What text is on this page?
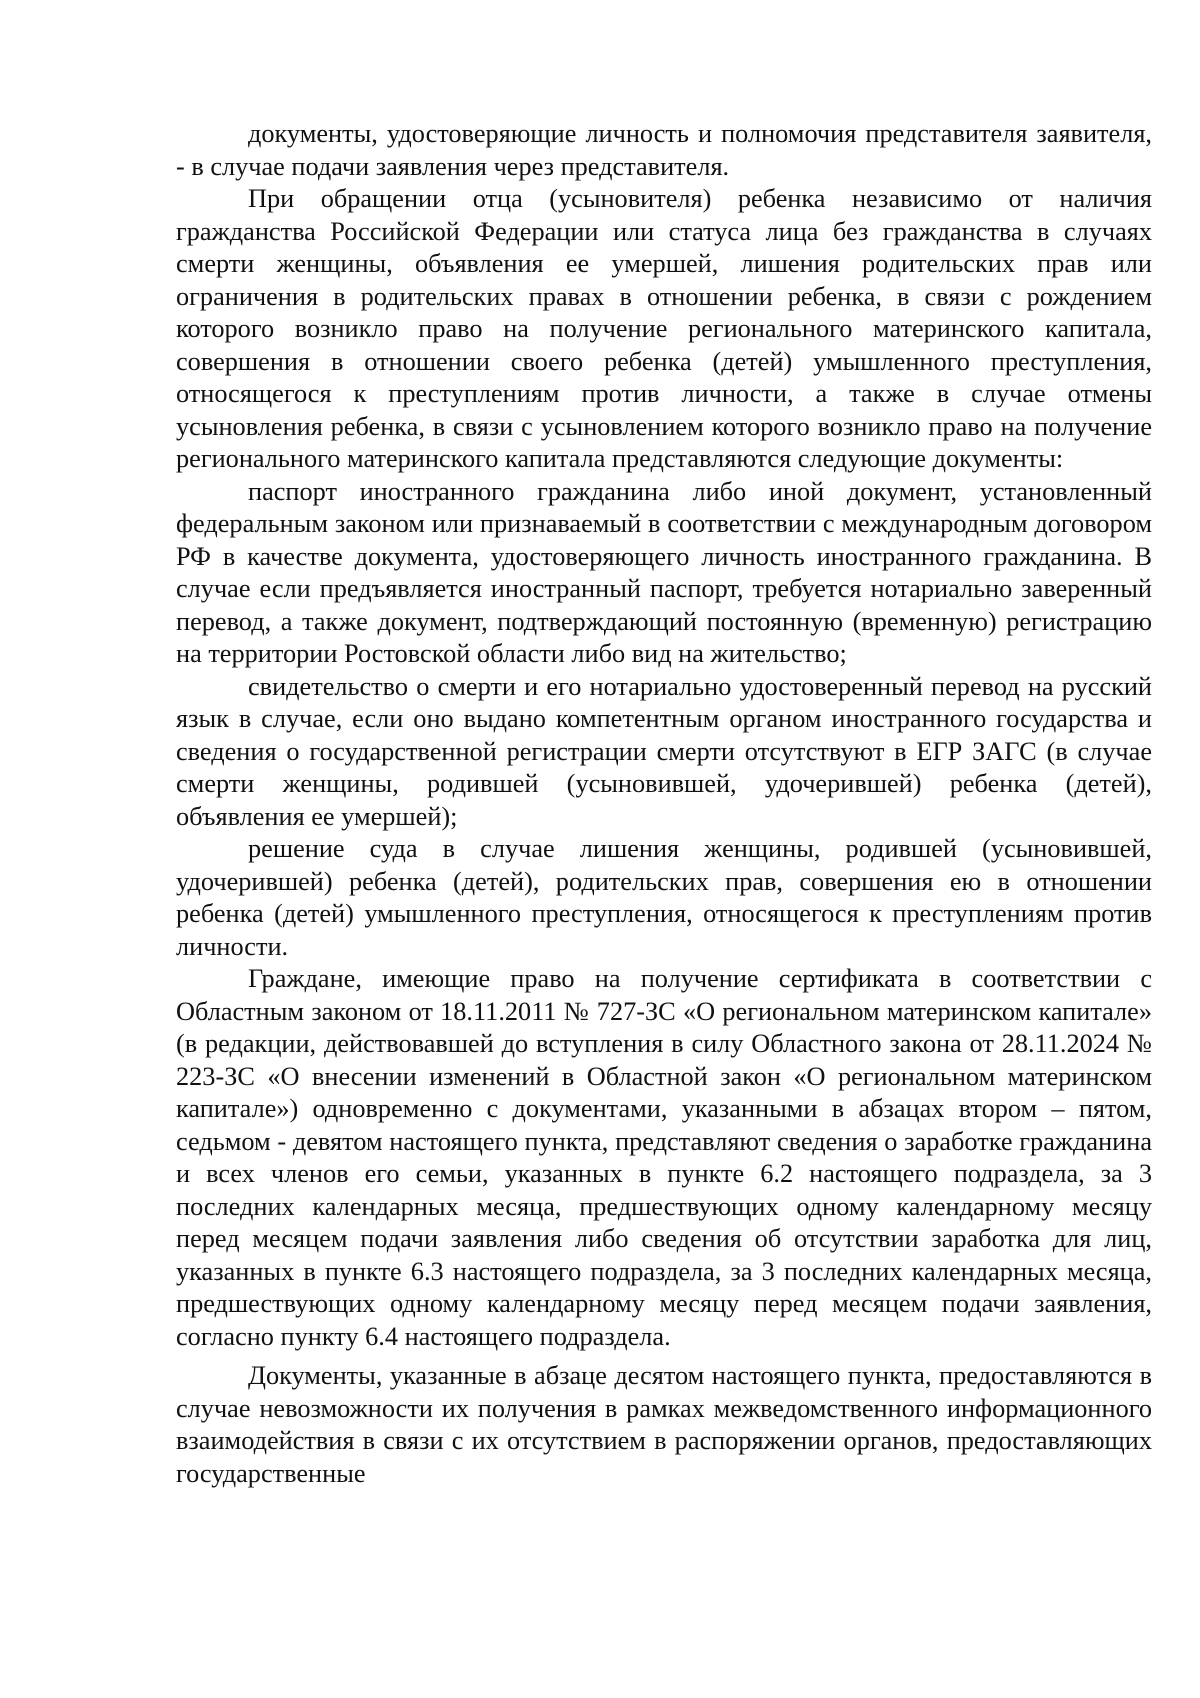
документы, удостоверяющие личность и полномочия представителя заявителя, - в случае подачи заявления через представителя.

При обращении отца (усыновителя) ребенка независимо от наличия гражданства Российской Федерации или статуса лица без гражданства в случаях смерти женщины, объявления ее умершей, лишения родительских прав или ограничения в родительских правах в отношении ребенка, в связи с рождением которого возникло право на получение регионального материнского капитала, совершения в отношении своего ребенка (детей) умышленного преступления, относящегося к преступлениям против личности, а также в случае отмены усыновления ребенка, в связи с усыновлением которого возникло право на получение регионального материнского капитала представляются следующие документы:

паспорт иностранного гражданина либо иной документ, установленный федеральным законом или признаваемый в соответствии с международным договором РФ в качестве документа, удостоверяющего личность иностранного гражданина. В случае если предъявляется иностранный паспорт, требуется нотариально заверенный перевод, а также документ, подтверждающий постоянную (временную) регистрацию на территории Ростовской области либо вид на жительство;

свидетельство о смерти и его нотариально удостоверенный перевод на русский язык в случае, если оно выдано компетентным органом иностранного государства и сведения о государственной регистрации смерти отсутствуют в ЕГР ЗАГС (в случае смерти женщины, родившей (усыновившей, удочерившей) ребенка (детей), объявления ее умершей);

решение суда в случае лишения женщины, родившей (усыновившей, удочерившей) ребенка (детей), родительских прав, совершения ею в отношении ребенка (детей) умышленного преступления, относящегося к преступлениям против личности.

Граждане, имеющие право на получение сертификата в соответствии с Областным законом от 18.11.2011 № 727-ЗС «О региональном материнском капитале» (в редакции, действовавшей до вступления в силу Областного закона от 28.11.2024 № 223-ЗС «О внесении изменений в Областной закон «О региональном материнском капитале») одновременно с документами, указанными в абзацах втором – пятом, седьмом - девятом настоящего пункта, представляют сведения о заработке гражданина и всех членов его семьи, указанных в пункте 6.2 настоящего подраздела, за 3 последних календарных месяца, предшествующих одному календарному месяцу перед месяцем подачи заявления либо сведения об отсутствии заработка для лиц, указанных в пункте 6.3 настоящего подраздела, за 3 последних календарных месяца, предшествующих одному календарному месяцу перед месяцем подачи заявления, согласно пункту 6.4 настоящего подраздела.

Документы, указанные в абзаце десятом настоящего пункта, предоставляются в случае невозможности их получения в рамках межведомственного информационного взаимодействия в связи с их отсутствием в распоряжении органов, предоставляющих государственные
